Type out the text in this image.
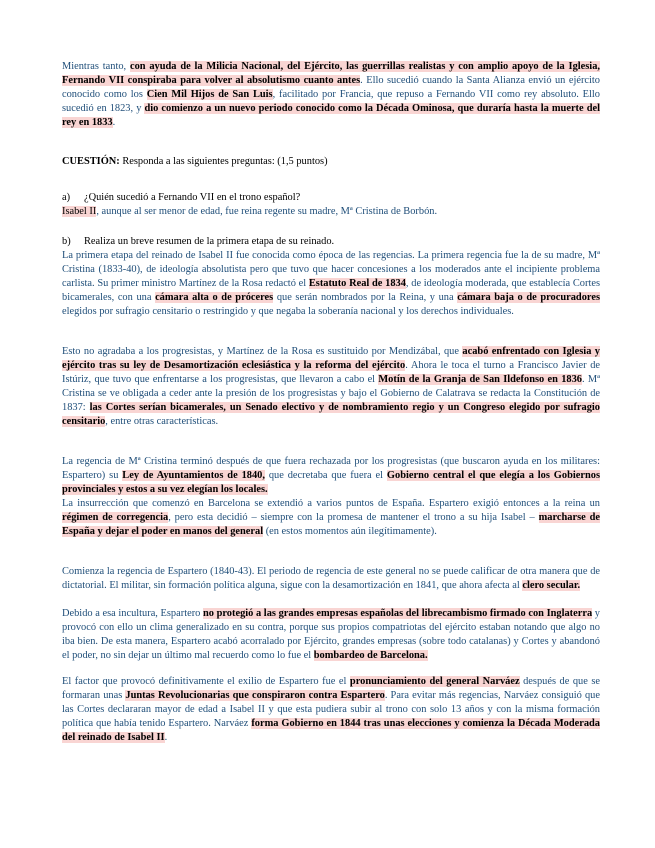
Mientras tanto, con ayuda de la Milicia Nacional, del Ejército, las guerrillas realistas y con amplio apoyo de la Iglesia, Fernando VII conspiraba para volver al absolutismo cuanto antes. Ello sucedió cuando la Santa Alianza envió un ejército conocido como los Cien Mil Hijos de San Luis, facilitado por Francia, que repuso a Fernando VII como rey absoluto. Ello sucedió en 1823, y dio comienzo a un nuevo periodo conocido como la Década Ominosa, que duraría hasta la muerte del rey en 1833.

CUESTIÓN: Responda a las siguientes preguntas: (1,5 puntos)

a) ¿Quién sucedió a Fernando VII en el trono español?

Isabel II, aunque al ser menor de edad, fue reina regente su madre, Mª Cristina de Borbón.

b) Realiza un breve resumen de la primera etapa de su reinado.

La primera etapa del reinado de Isabel II fue conocida como época de las regencias. La primera regencia fue la de su madre, Mª Cristina (1833-40), de ideología absolutista pero que tuvo que hacer concesiones a los moderados ante el incipiente problema carlista. Su primer ministro Martínez de la Rosa redactó el Estatuto Real de 1834, de ideología moderada, que establecía Cortes bicamerales, con una cámara alta o de próceres que serán nombrados por la Reina, y una cámara baja o de procuradores elegidos por sufragio censitario o restringido y que negaba la soberanía nacional y los derechos individuales.

Esto no agradaba a los progresistas, y Martínez de la Rosa es sustituido por Mendizábal, que acabó enfrentado con Iglesia y ejército tras su ley de Desamortización eclesiástica y la reforma del ejército. Ahora le toca el turno a Francisco Javier de Istúriz, que tuvo que enfrentarse a los progresistas, que llevaron a cabo el Motín de la Granja de San Ildefonso en 1836. Mª Cristina se ve obligada a ceder ante la presión de los progresistas y bajo el Gobierno de Calatrava se redacta la Constitución de 1837: las Cortes serían bicamerales, un Senado electivo y de nombramiento regio y un Congreso elegido por sufragio censitario, entre otras características.

La regencia de Mª Cristina terminó después de que fuera rechazada por los progresistas (que buscaron ayuda en los militares: Espartero) su Ley de Ayuntamientos de 1840, que decretaba que fuera el Gobierno central el que elegía a los Gobiernos provinciales y estos a su vez elegían los locales.

La insurrección que comenzó en Barcelona se extendió a varios puntos de España. Espartero exigió entonces a la reina un régimen de corregencia, pero esta decidió – siempre con la promesa de mantener el trono a su hija Isabel – marcharse de España y dejar el poder en manos del general (en estos momentos aún ilegítimamente).

Comienza la regencia de Espartero (1840-43). El periodo de regencia de este general no se puede calificar de otra manera que de dictatorial. El militar, sin formación política alguna, sigue con la desamortización en 1841, que ahora afecta al clero secular.

Debido a esa incultura, Espartero no protegió a las grandes empresas españolas del librecambismo firmado con Inglaterra y provocó con ello un clima generalizado en su contra, porque sus propios compatriotas del ejército estaban notando que algo no iba bien. De esta manera, Espartero acabó acorralado por Ejército, grandes empresas (sobre todo catalanas) y Cortes y abandonó el poder, no sin dejar un último mal recuerdo como lo fue el bombardeo de Barcelona.

El factor que provocó definitivamente el exilio de Espartero fue el pronunciamiento del general Narváez después de que se formaran unas Juntas Revolucionarias que conspiraron contra Espartero. Para evitar más regencias, Narváez consiguió que las Cortes declararan mayor de edad a Isabel II y que esta pudiera subir al trono con solo 13 años y con la misma formación política que había tenido Espartero. Narváez forma Gobierno en 1844 tras unas elecciones y comienza la Década Moderada del reinado de Isabel II.
